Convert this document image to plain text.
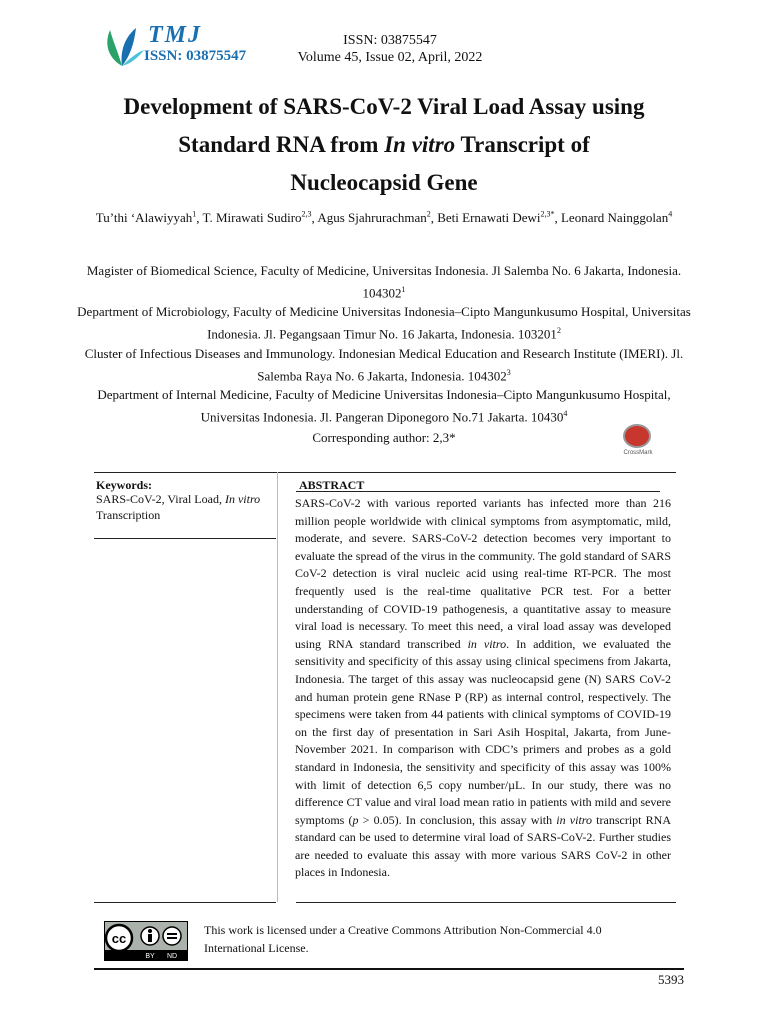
TMJ
ISSN: 03875547
ISSN: 03875547
Volume 45, Issue 02, April, 2022
Development of SARS-CoV-2 Viral Load Assay using
Standard RNA from In vitro Transcript of
Nucleocapsid Gene
Tu’thi ‘Alawiyyah$^1$, T. Mirawati Sudiro$^{2,3}$, Agus Sjahrurachman$^2$, Beti Ernawati Dewi$^{2,3*}$, Leonard Nainggolan$^4$
Magister of Biomedical Science, Faculty of Medicine, Universitas Indonesia. Jl Salemba No. 6 Jakarta, Indonesia. 104302$^1$
Department of Microbiology, Faculty of Medicine Universitas Indonesia–Cipto Mangunkusumo Hospital, Universitas Indonesia. Jl. Pegangsaan Timur No. 16 Jakarta, Indonesia. 103201$^2$
Cluster of Infectious Diseases and Immunology. Indonesian Medical Education and Research Institute (IMERI). Jl. Salemba Raya No. 6 Jakarta, Indonesia. 104302$^3$
Department of Internal Medicine, Faculty of Medicine Universitas Indonesia–Cipto Mangunkusumo Hospital, Universitas Indonesia. Jl. Pangeran Diponegoro No.71 Jakarta. 10430$^4$
Corresponding author: 2,3*
CrossMark
Keywords:
SARS-CoV-2, Viral Load, In vitro Transcription
ABSTRACT
SARS-CoV-2 with various reported variants has infected more than 216 million people worldwide with clinical symptoms from asymptomatic, mild, moderate, and severe. SARS-CoV-2 detection becomes very important to evaluate the spread of the virus in the community. The gold standard of SARS CoV-2 detection is viral nucleic acid using real-time RT-PCR. The most frequently used is the real-time qualitative PCR test. For a better understanding of COVID-19 pathogenesis, a quantitative assay to measure viral load is necessary. To meet this need, a viral load assay was developed using RNA standard transcribed in vitro. In addition, we evaluated the sensitivity and specificity of this assay using clinical specimens from Jakarta, Indonesia. The target of this assay was nucleocapsid gene (N) SARS CoV-2 and human protein gene RNase P (RP) as internal control, respectively. The specimens were taken from 44 patients with clinical symptoms of COVID-19 on the first day of presentation in Sari Asih Hospital, Jakarta, from June-November 2021. In comparison with CDC’s primers and probes as a gold standard in Indonesia, the sensitivity and specificity of this assay was 100% with limit of detection 6,5 copy number/µL. In our study, there was no difference CT value and viral load mean ratio in patients with mild and severe symptoms (p > 0.05). In conclusion, this assay with in vitro transcript RNA standard can be used to determine viral load of SARS-CoV-2. Further studies are needed to evaluate this assay with more various SARS CoV-2 in other places in Indonesia.
cc
BY ND
This work is licensed under a Creative Commons Attribution Non-Commercial 4.0 International License.
5393
